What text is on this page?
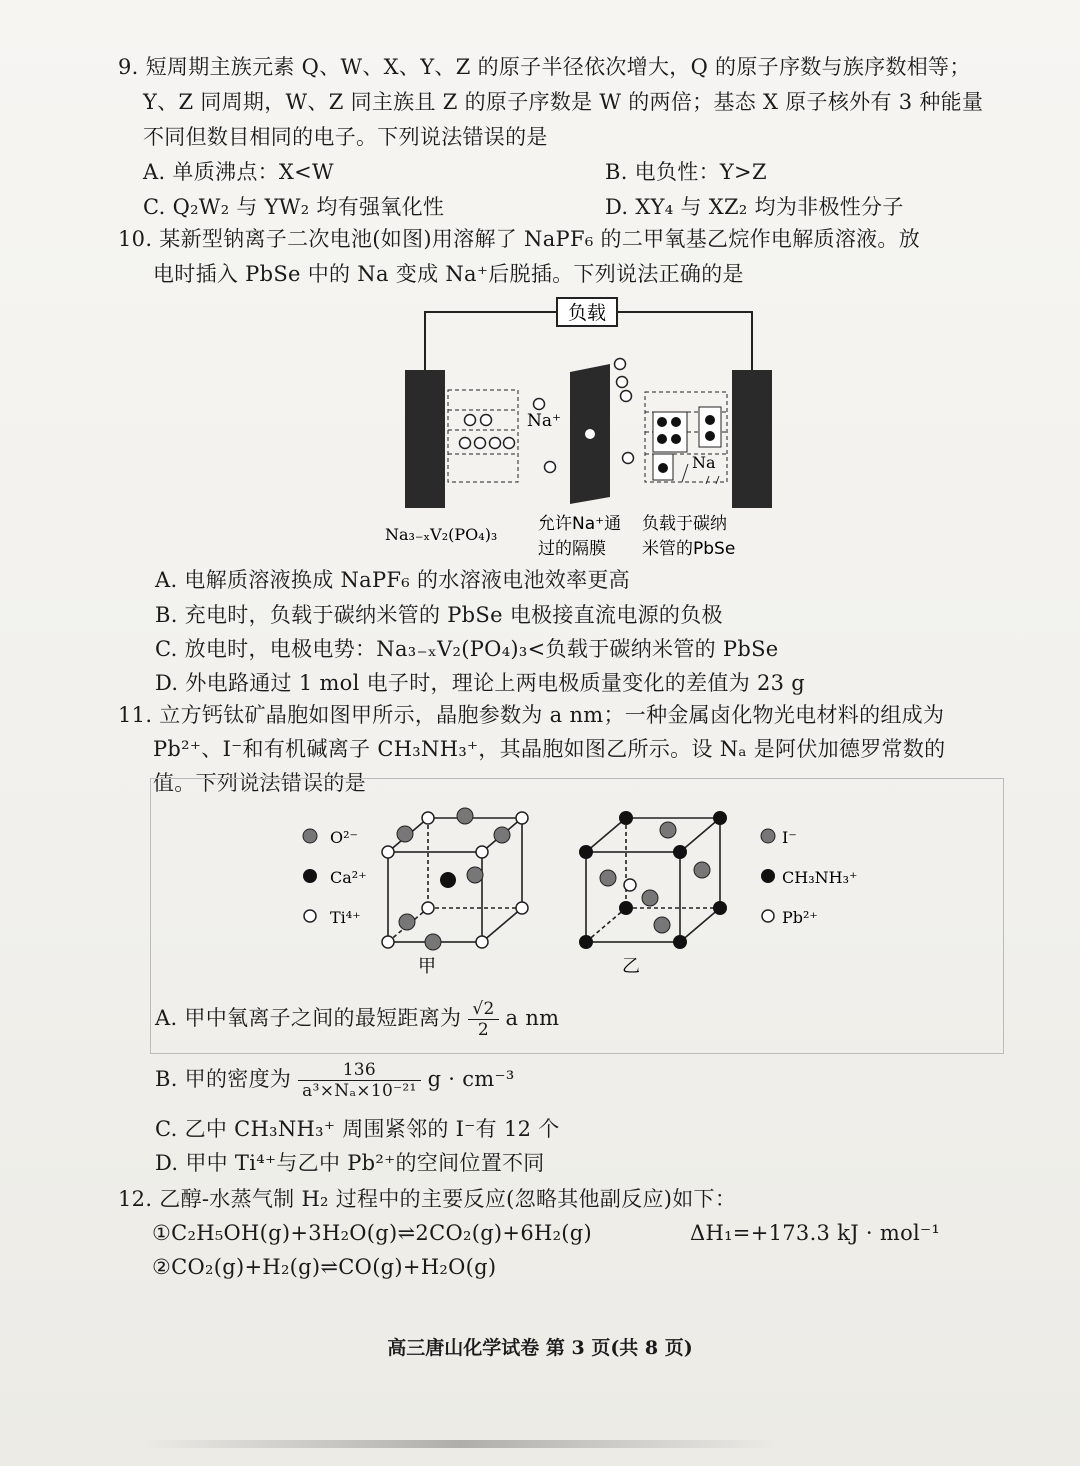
9. 短周期主族元素 Q、W、X、Y、Z 的原子半径依次增大，Q 的原子序数与族序数相等；
Y、Z 同周期，W、Z 同主族且 Z 的原子序数是 W 的两倍；基态 X 原子核外有 3 种能量
不同但数目相同的电子。下列说法错误的是
A. 单质沸点：X<W	B. 电负性：Y>Z
C. Q₂W₂ 与 YW₂ 均有强氧化性	D. XY₄ 与 XZ₂ 均为非极性分子
10. 某新型钠离子二次电池(如图)用溶解了 NaPF₆ 的二甲氧基乙烷作电解质溶液。放
电时插入 PbSe 中的 Na 变成 Na⁺后脱插。下列说法正确的是
负载
Na⁺
Na
Na₃₋ₓV₂(PO₄)₃
允许Na⁺通
过的隔膜
负载于碳纳
米管的PbSe
A. 电解质溶液换成 NaPF₆ 的水溶液电池效率更高
B. 充电时，负载于碳纳米管的 PbSe 电极接直流电源的负极
C. 放电时，电极电势：Na₃₋ₓV₂(PO₄)₃<负载于碳纳米管的 PbSe
D. 外电路通过 1 mol 电子时，理论上两电极质量变化的差值为 23 g
11. 立方钙钛矿晶胞如图甲所示，晶胞参数为 a nm；一种金属卤化物光电材料的组成为
Pb²⁺、I⁻和有机碱离子 CH₃NH₃⁺，其晶胞如图乙所示。设 Nₐ 是阿伏加德罗常数的
值。下列说法错误的是
O²⁻
Ca²⁺
Ti⁴⁺
甲	乙
I⁻
CH₃NH₃⁺
Pb²⁺
A. 甲中氧离子之间的最短距离为 $\frac{√2}{2}$ a nm
B. 甲的密度为 $\frac{136}{\text{a³×Nₐ×10⁻²¹}}$ g · cm⁻³
C. 乙中 CH₃NH₃⁺ 周围紧邻的 I⁻有 12 个
D. 甲中 Ti⁴⁺与乙中 Pb²⁺的空间位置不同
12. 乙醇-水蒸气制 H₂ 过程中的主要反应(忽略其他副反应)如下：
①C₂H₅OH(g)+3H₂O(g)⇌2CO₂(g)+6H₂(g)	ΔH₁=+173.3 kJ · mol⁻¹
②CO₂(g)+H₂(g)⇌CO(g)+H₂O(g)
高三唐山化学试卷 第 3 页(共 8 页)
